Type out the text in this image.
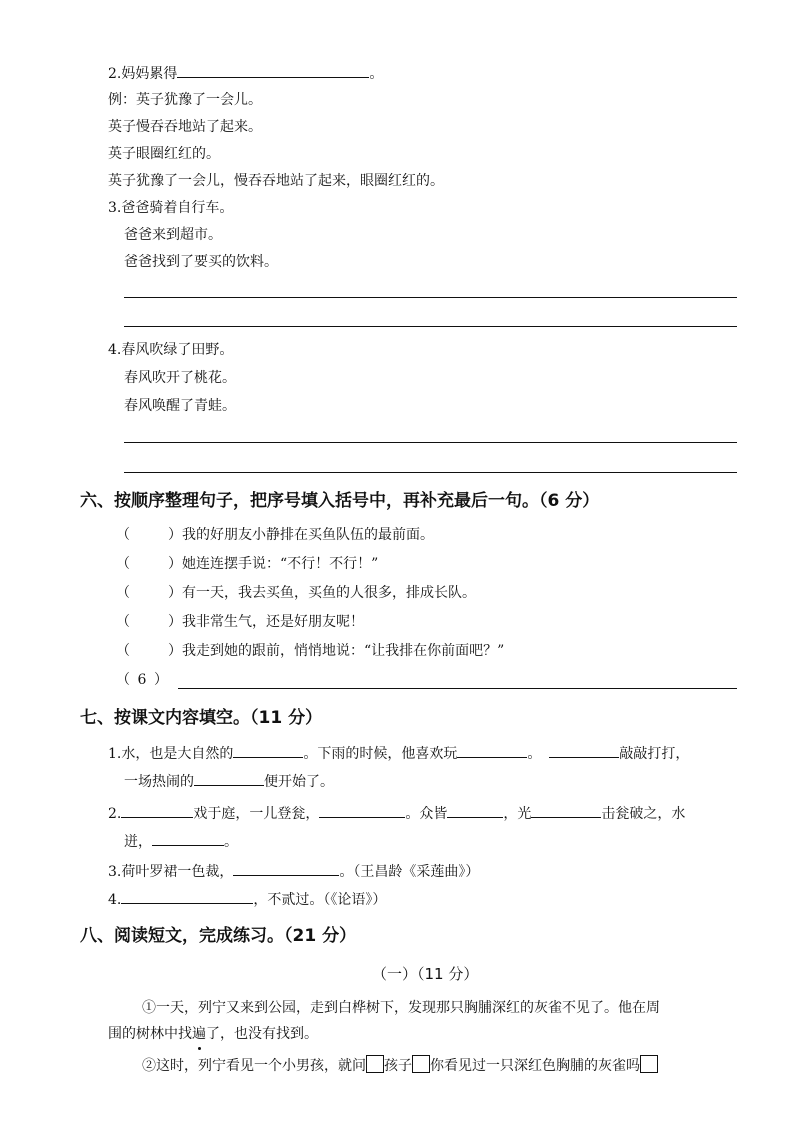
2.妈妈累得	。
例：英子犹豫了一会儿。
英子慢吞吞地站了起来。
英子眼圈红红的。
英子犹豫了一会儿，慢吞吞地站了起来，眼圈红红的。
3.爸爸骑着自行车。
爸爸来到超市。
爸爸找到了要买的饮料。
4.春风吹绿了田野。
春风吹开了桃花。
春风唤醒了青蛙。
六、按顺序整理句子，把序号填入括号中，再补充最后一句。（6 分）
（	）我的好朋友小静排在买鱼队伍的最前面。
（	）她连连摆手说：“不行！不行！”
（	）有一天，我去买鱼，买鱼的人很多，排成长队。
（	）我非常生气，还是好朋友呢！
（	）我走到她的跟前，悄悄地说：“让我排在你前面吧？”
（ 6 ）
七、按课文内容填空。（11 分）
1.水，也是大自然的	。下雨的时候，他喜欢玩	。	敲敲打打，
一场热闹的	便开始了。
2.	戏于庭，一儿登瓮，	。众皆	，光	击瓮破之，水
迸，	。
3.荷叶罗裙一色裁，	。（王昌龄《采莲曲》）
4.	，不贰过。（《论语》）
八、阅读短文，完成练习。（21 分）
（一）（11 分）
①一天，列宁又来到公园，走到白桦树下，发现那只胸脯深红的灰雀不见了。他在周
围的树林中找遍了，也没有找到。
②这时，列宁看见一个小男孩，就问 孩子 你看见过一只深红色胸脯的灰雀吗
